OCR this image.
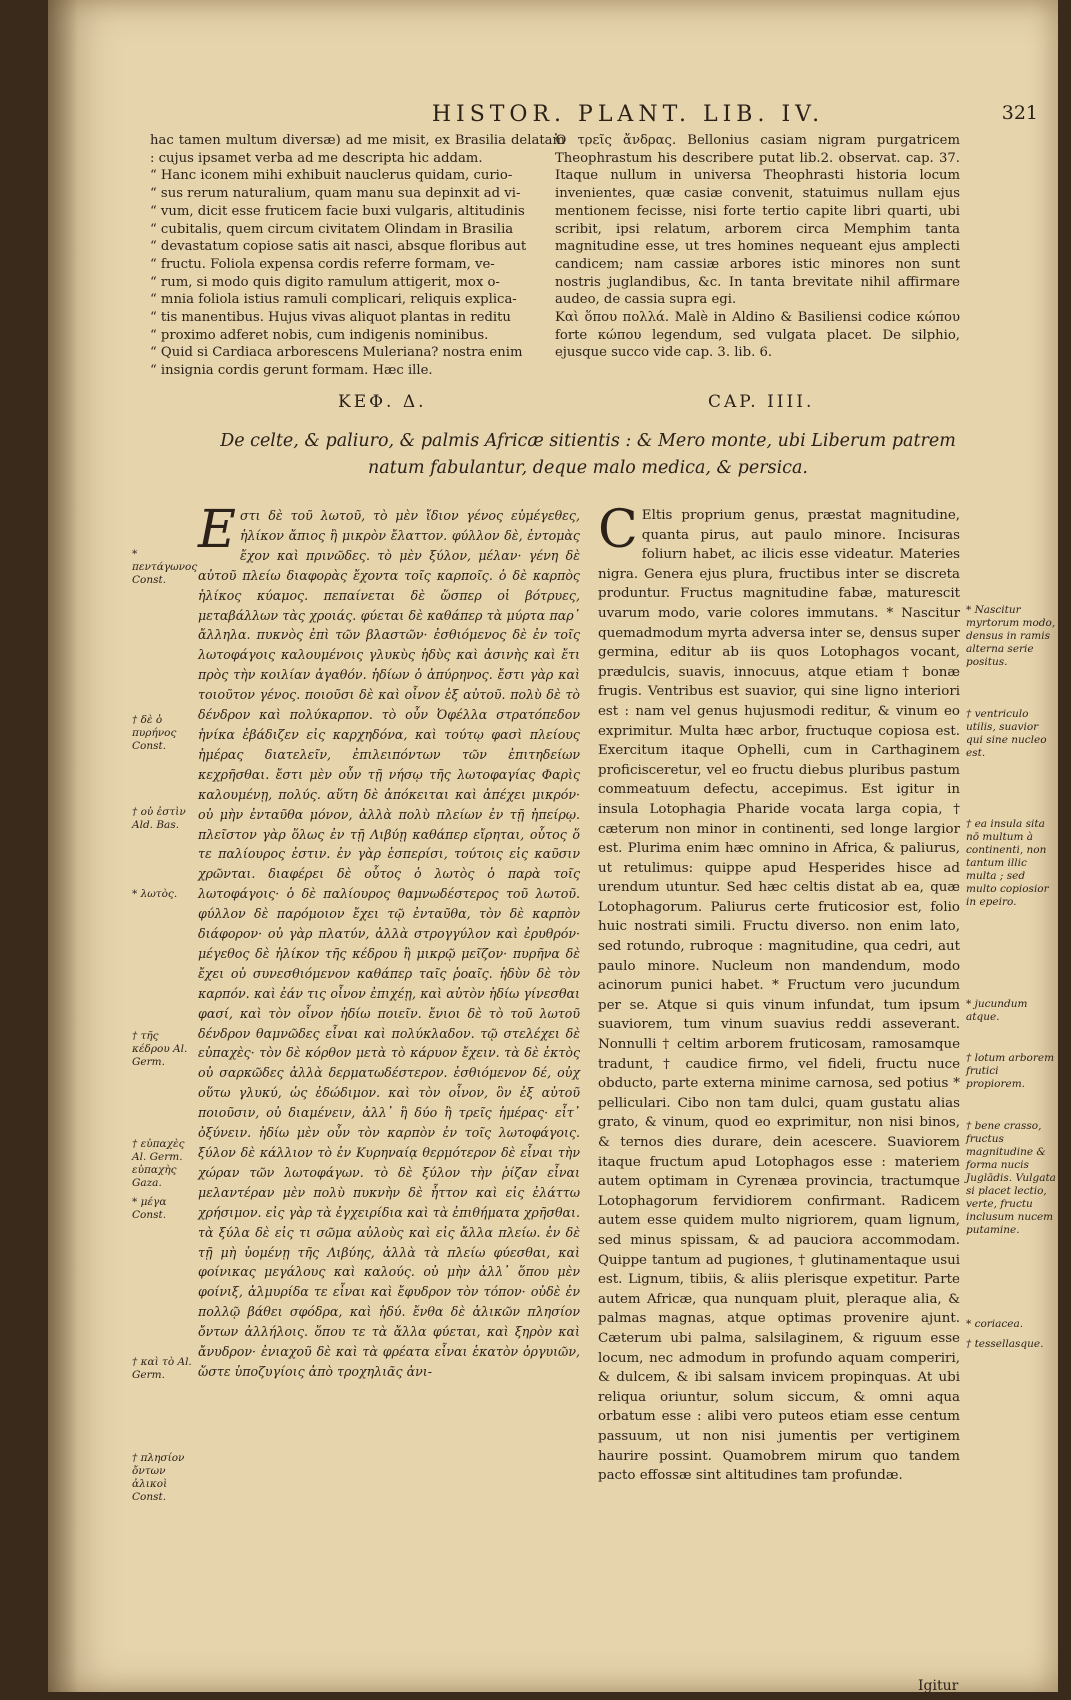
HISTOR. PLANT. LIB. IV.	321

hac tamen multum diversæ) ad me misit, ex Brasilia delatam : cujus ipsamet verba ad me descripta hic addam.

“ Hanc iconem mihi exhibuit nauclerus quidam, curio-

“ sus rerum naturalium, quam manu sua depinxit ad vi-

“ vum, dicit esse fruticem facie buxi vulgaris, altitudinis

“ cubitalis, quem circum civitatem Olindam in Brasilia

“ devastatum copiose satis ait nasci, absque floribus aut

“ fructu. Foliola expensa cordis referre formam, ve-

“ rum, si modo quis digito ramulum attigerit, mox o-

“ mnia foliola istius ramuli complicari, reliquis explica-

“ tis manentibus. Hujus vivas aliquot plantas in reditu

“ proximo adferet nobis, cum indigenis nominibus.

“ Quid si Cardiaca arborescens Muleriana? nostra enim

“ insignia cordis gerunt formam. Hæc ille.

Ὁ τρεῖς ἄνδρας. Bellonius casiam nigram purgatricem Theophrastum his describere putat lib.2. observat. cap. 37. Itaque nullum in universa Theophrasti historia locum invenientes, quæ casiæ convenit, statuimus nullam ejus mentionem fecisse, nisi forte tertio capite libri quarti, ubi scribit, ipsi relatum, arborem circa Memphim tanta magnitudine esse, ut tres homines nequeant ejus amplecti candicem; nam cassiæ arbores istic minores non sunt nostris juglandibus, &c. In tanta brevitate nihil affirmare audeo, de cassia supra egi.

Καὶ ὅπου πολλά. Malè in Aldino & Basiliensi codice κώπου forte κώπου legendum, sed vulgata placet. De silphio, ejusque succo vide cap. 3. lib. 6.

ΚΕΦ. Δ.	CAP. IIII.
De celte, & paliuro, & palmis Africæ sitientis : & Mero monte, ubi Liberum patrem
natum fabulantur, deque malo medica, & persica.

Eστι δὲ τοῦ λωτοῦ, τὸ μὲν ἴδιον γένος εὐμέγεθες, ἡλίκον ἄπιος ἢ μικρὸν ἔλαττον. φύλλον δὲ, ἐντομὰς ἔχον καὶ πρινῶδες. τὸ μὲν ξύλον, μέλαν· γένη δὲ αὐτοῦ πλείω διαφορὰς ἔχοντα τοῖς καρποῖς. ὁ δὲ καρπὸς ἡλίκος κύαμος. πεπαίνεται δὲ ὥσπερ οἱ βότρυες, μεταβάλλων τὰς χροιάς. φύεται δὲ καθάπερ τὰ μύρτα παρ᾽ ἄλληλα. πυκνὸς ἐπὶ τῶν βλαστῶν· ἐσθιόμενος δὲ ἐν τοῖς λωτοφάγοις καλουμένοις γλυκὺς ἡδὺς καὶ ἀσινὴς καὶ ἔτι πρὸς τὴν κοιλίαν ἀγαθόν. ἡδίων ὁ ἀπύρηνος. ἔστι γὰρ καὶ τοιοῦτον γένος. ποιοῦσι δὲ καὶ οἶνον ἐξ αὐτοῦ. πολὺ δὲ τὸ δένδρον καὶ πολύκαρπον. τὸ οὖν Ὀφέλλα στρατόπεδον ἡνίκα ἐβάδιζεν εἰς καρχηδόνα, καὶ τούτῳ φασὶ πλείους ἡμέρας διατελεῖν, ἐπιλειπόντων τῶν ἐπιτηδείων κεχρῆσθαι. ἔστι μὲν οὖν τῇ νήσῳ τῆς λωτοφαγίας Φαρὶς καλουμένῃ, πολύς. αὕτη δὲ ἀπόκειται καὶ ἀπέχει μικρόν· οὐ μὴν ἐνταῦθα μόνον, ἀλλὰ πολὺ πλείων ἐν τῇ ἠπείρῳ. πλεῖστον γὰρ ὅλως ἐν τῇ Λιβύῃ καθάπερ εἴρηται, οὗτος ὅ τε παλίουρος ἐστιν. ἐν γὰρ ἑσπερίσι, τούτοις εἰς καῦσιν χρῶνται. διαφέρει δὲ οὗτος ὁ λωτὸς ὁ παρὰ τοῖς λωτοφάγοις· ὁ δὲ παλίουρος θαμνωδέστερος τοῦ λωτοῦ. φύλλον δὲ παρόμοιον ἔχει τῷ ἐνταῦθα, τὸν δὲ καρπὸν διάφορον· οὐ γὰρ πλατύν, ἀλλὰ στρογγύλον καὶ ἐρυθρόν· μέγεθος δὲ ἡλίκον τῆς κέδρου ἢ μικρῷ μεῖζον· πυρῆνα δὲ ἔχει οὐ συνεσθιόμενον καθάπερ ταῖς ῥοαῖς. ἡδὺν δὲ τὸν καρπόν. καὶ ἐάν τις οἶνον ἐπιχέῃ, καὶ αὐτὸν ἡδίω γίνεσθαι φασί, καὶ τὸν οἶνον ἡδίω ποιεῖν. ἔνιοι δὲ τὸ τοῦ λωτοῦ δένδρον θαμνῶδες εἶναι καὶ πολύκλαδον. τῷ στελέχει δὲ εὐπαχὲς· τὸν δὲ κόρθον μετὰ τὸ κάρυον ἔχειν. τὰ δὲ ἐκτὸς οὐ σαρκῶδες ἀλλὰ δερματωδέστερον. ἐσθιόμενον δέ, οὐχ οὕτω γλυκύ, ὡς ἐδώδιμον. καὶ τὸν οἶνον, ὃν ἐξ αὐτοῦ ποιοῦσιν, οὐ διαμένειν, ἀλλ᾽ ἢ δύο ἢ τρεῖς ἡμέρας· εἶτ᾽ ὀξύνειν. ἡδίω μὲν οὖν τὸν καρπὸν ἐν τοῖς λωτοφάγοις. ξύλον δὲ κάλλιον τὸ ἐν Κυρηναίᾳ θερμότερον δὲ εἶναι τὴν χώραν τῶν λωτοφάγων. τὸ δὲ ξύλον τὴν ῥίζαν εἶναι μελαντέραν μὲν πολὺ πυκνὴν δὲ ἧττον καὶ εἰς ἐλάττω χρήσιμον. εἰς γὰρ τὰ ἐγχειρίδια καὶ τὰ ἐπιθήματα χρῆσθαι. τὰ ξύλα δὲ εἰς τι σῶμα αὐλοὺς καὶ εἰς ἄλλα πλείω. ἐν δὲ τῇ μὴ ὑομένῃ τῆς Λιβύης, ἀλλὰ τὰ πλείω φύεσθαι, καὶ φοίνικας μεγάλους καὶ καλούς. οὐ μὴν ἀλλ᾽ ὅπου μὲν φοίνιξ, ἁλμυρίδα τε εἶναι καὶ ἔφυδρον τὸν τόπον· οὐδὲ ἐν πολλῷ βάθει σφόδρα, καὶ ἡδύ. ἔνθα δὲ ἁλικῶν πλησίον ὄντων ἀλλήλοις. ὅπου τε τὰ ἄλλα φύεται, καὶ ξηρὸν καὶ ἄνυδρον· ἐνιαχοῦ δὲ καὶ τὰ φρέατα εἶναι ἑκατὸν ὀργυιῶν, ὥστε ὑποζυγίοις ἀπὸ τροχηλιᾶς ἀνι-

C Eltis proprium genus, præstat magnitudine, quanta pirus, aut paulo minore. Incisuras foliurn habet, ac ilicis esse videatur. Materies nigra. Genera ejus plura, fructibus inter se discreta produntur. Fructus magnitudine fabæ, maturescit uvarum modo, varie colores immutans. * Nascitur quemadmodum myrta adversa inter se, densus super germina, editur ab iis quos Lotophagos vocant, prædulcis, suavis, innocuus, atque etiam † bonæ frugis. Ventribus est suavior, qui sine ligno interiori est : nam vel genus hujusmodi reditur, & vinum eo exprimitur. Multa hæc arbor, fructuque copiosa est. Exercitum itaque Ophelli, cum in Carthaginem proficisceretur, vel eo fructu diebus pluribus pastum commeatuum defectu, accepimus. Est igitur in insula Lotophagia Pharide vocata larga copia, † cæterum non minor in continenti, sed longe largior est. Plurima enim hæc omnino in Africa, & paliurus, ut retulimus: quippe apud Hesperides hisce ad urendum utuntur. Sed hæc celtis distat ab ea, quæ Lotophagorum. Paliurus certe fruticosior est, folio huic nostrati simili. Fructu diverso. non enim lato, sed rotundo, rubroque : magnitudine, qua cedri, aut paulo minore. Nucleum non mandendum, modo acinorum punici habet. * Fructum vero jucundum per se. Atque si quis vinum infundat, tum ipsum suaviorem, tum vinum suavius reddi asseverant. Nonnulli † celtim arborem fruticosam, ramosamque tradunt, † caudice firmo, vel fideli, fructu nuce obducto, parte externa minime carnosa, sed potius * pelliculari. Cibo non tam dulci, quam gustatu alias grato, & vinum, quod eo exprimitur, non nisi binos, & ternos dies durare, dein acescere. Suaviorem itaque fructum apud Lotophagos esse : materiem autem optimam in Cyrenæa provincia, tractumque Lotophagorum fervidiorem confirmant. Radicem autem esse quidem multo nigriorem, quam lignum, sed minus spissam, & ad pauciora accommodam. Quippe tantum ad pugiones, † glutinamentaque usui est. Lignum, tibiis, & aliis plerisque expetitur. Parte autem Africæ, qua nunquam pluit, pleraque alia, & palmas magnas, atque optimas provenire ajunt. Cæterum ubi palma, salsilaginem, & riguum esse locum, nec admodum in profundo aquam comperiri, & dulcem, & ibi salsam invicem propinquas. At ubi reliqua oriuntur, solum siccum, & omni aqua orbatum esse : alibi vero puteos etiam esse centum passuum, ut non nisi jumentis per vertiginem haurire possint. Quamobrem mirum quo tandem pacto effossæ sint altitudines tam profundæ.

* πεντάγωνος Const.
† δὲ ὁ πυρήνος Const.
† οὐ ἐστὶν Ald. Bas.
* λωτὸς.
† τῆς κέδρου Al. Germ.
† εὐπαχὲς Al. Germ. εὐπαχὴς Gaza.
* μέγα Const.
† καὶ τὸ Al. Germ.
† πλησίον ὄντων ἀλικοὶ Const.
* Nascitur myrtorum modo, densus in ramis alterna serie positus.
† ventriculo utilis, suavior qui sine nucleo est.
† ea insula sita nō multum à continenti, non tantum illic multa ; sed multo copiosior in epeiro.
* jucundum atque.
† lotum arborem frutici propiorem.
† bene crasso, fructus magnitudine & forma nucis Juglādis. Vulgata si placet lectio, verte, fructu inclusum nucem putamine.
* coriacea.
† tessellasque.
Igitur
